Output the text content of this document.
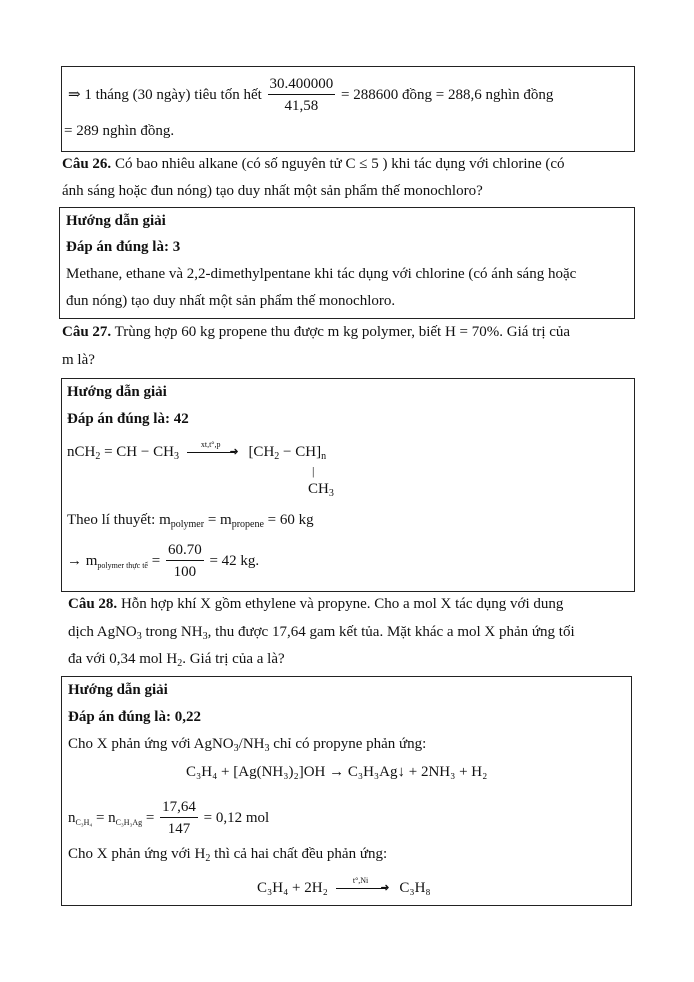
⇒ 1 tháng (30 ngày) tiêu tốn hết $\frac{30.400000}{41,58} = 288600$ đồng = 288,6 nghìn đồng
= 289 nghìn đồng.
Câu 26. Có bao nhiêu alkane (có số nguyên tử C ≤ 5 ) khi tác dụng với chlorine (có
ánh sáng hoặc đun nóng) tạo duy nhất một sản phẩm thế monochloro?
Hướng dẫn giải
Đáp án đúng là: 3
Methane, ethane và 2,2-dimethylpentane khi tác dụng với chlorine (có ánh sáng hoặc
đun nóng) tạo duy nhất một sản phẩm thế monochloro.
Câu 27. Trùng hợp 60 kg propene thu được m kg polymer, biết H = 70%. Giá trị của
m là?
Hướng dẫn giải
Đáp án đúng là: 42
nCH$_2$ = CH − $CH_3$
xt,t°,p
➜ $[CH_2 - CH]_n$
|
$CH_3$
Theo lí thuyết: $m_{polymer} = m_{propene} = 60$ kg
→ $m_{polymer thực tế} = \frac{60.70}{100} = 42$ kg.
Câu 28. Hỗn hợp khí X gồm ethylene và propyne. Cho a mol X tác dụng với dung
dịch AgNO$_3$ trong $NH_3$, thu được 17,64 gam kết tủa. Mặt khác a mol X phản ứng tối
đa với 0,34 mol $H_2$. Giá trị của a là?
Hướng dẫn giải
Đáp án đúng là: 0,22
Cho X phản ứng với $AgNO_3/NH_3$ chỉ có propyne phản ứng:
C₃H₄ + [Ag(NH₃)₂]OH → C₃H₃Ag↓ + 2NH₃ + H₂
$n_{C_3H_4} = n_{C_3H_3Ag} = \frac{17,64}{147} = 0,12$ mol
Cho X phản ứng với $H_2$ thì cả hai chất đều phản ứng:
C₃H₄ + 2H₂	t°,Ni
➜ C₃H₈
